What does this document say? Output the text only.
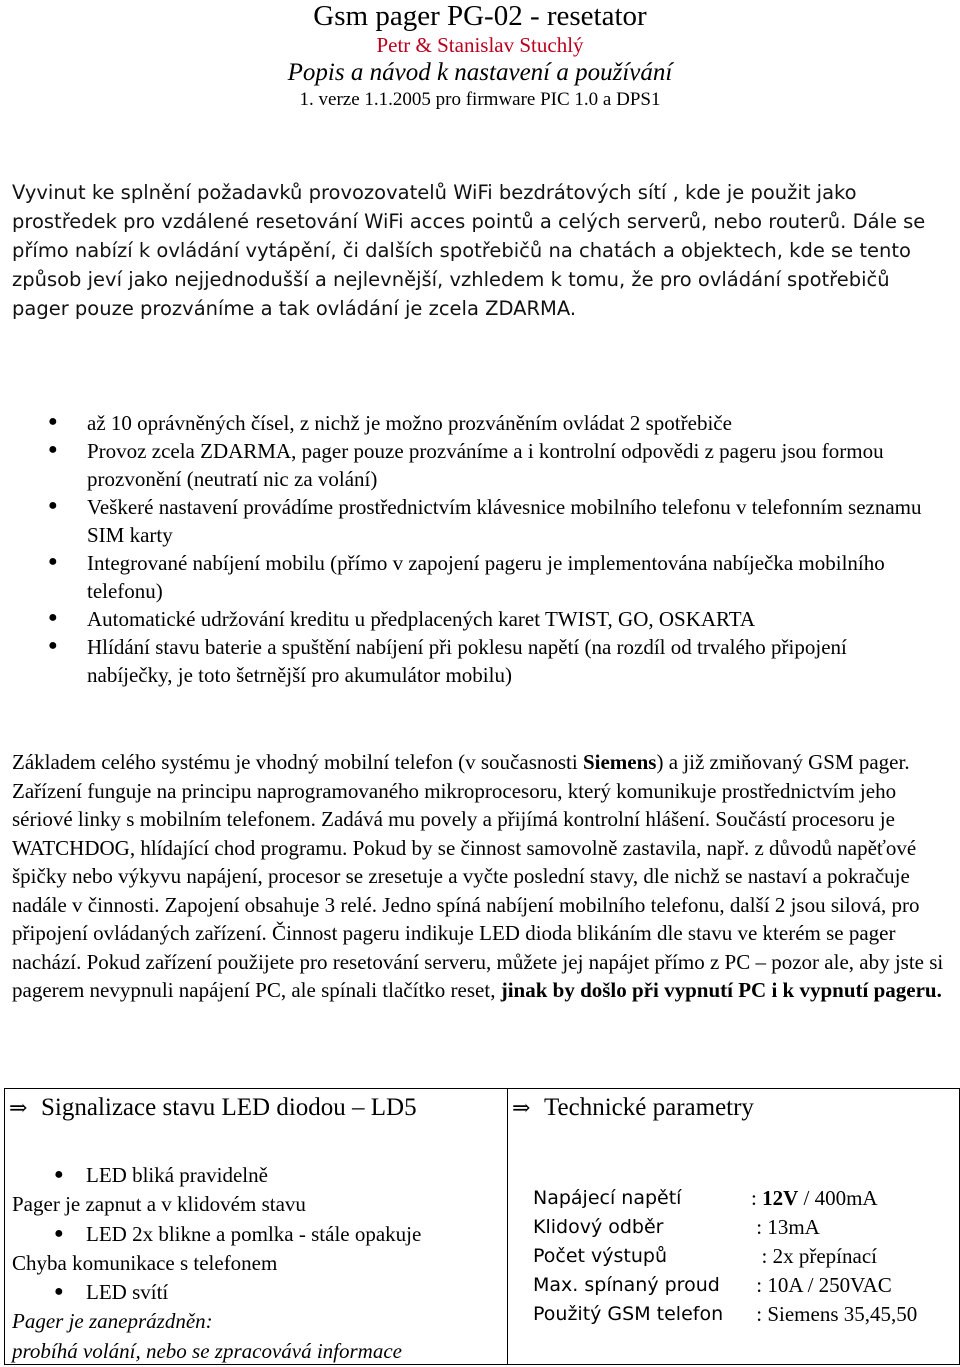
Gsm pager PG-02 - resetator
Petr & Stanislav Stuchlý
Popis a návod k nastavení a používání
1. verze 1.1.2005 pro firmware PIC 1.0 a DPS1
Vyvinut ke splnění požadavků provozovatelů WiFi bezdrátových sítí , kde je použit jako prostředek pro vzdálené resetování WiFi acces pointů a celých serverů, nebo routerů. Dále se přímo nabízí k ovládání vytápění, či dalších spotřebičů na chatách a objektech, kde se tento způsob jeví jako nejjednodušší a nejlevnější, vzhledem k tomu, že pro ovládání spotřebičů pager pouze prozváníme a tak ovládání je zcela ZDARMA.
● až 10 oprávněných čísel, z nichž je možno prozváněním ovládat 2 spotřebiče
● Provoz zcela ZDARMA, pager pouze prozváníme a i kontrolní odpovědi z pageru jsou formou prozvonění (neutratí nic za volání)
● Veškeré nastavení provádíme prostřednictvím klávesnice mobilního telefonu v telefonním seznamu SIM karty
● Integrované nabíjení mobilu (přímo v zapojení pageru je implementována nabíječka mobilního telefonu)
● Automatické udržování kreditu u předplacených karet TWIST, GO, OSKARTA
● Hlídání stavu baterie a spuštění nabíjení při poklesu napětí (na rozdíl od trvalého připojení nabíječky, je toto šetrnější pro akumulátor mobilu)
Základem celého systému je vhodný mobilní telefon (v současnosti Siemens) a již zmiňovaný GSM pager. Zařízení funguje na principu naprogramovaného mikroprocesoru, který komunikuje prostřednictvím jeho sériové linky s mobilním telefonem. Zadává mu povely a přijímá kontrolní hlášení. Součástí procesoru je WATCHDOG, hlídající chod programu. Pokud by se činnost samovolně zastavila, např. z důvodů napěťové špičky nebo výkyvu napájení, procesor se zresetuje a vyčte poslední stavy, dle nichž se nastaví a pokračuje nadále v činnosti. Zapojení obsahuje 3 relé. Jedno spíná nabíjení mobilního telefonu, další 2 jsou silová, pro připojení ovládaných zařízení. Činnost pageru indikuje LED dioda blikáním dle stavu ve kterém se pager nachází. Pokud zařízení použijete pro resetování serveru, můžete jej napájet přímo z PC – pozor ale, aby jste si pagerem nevypnuli napájení PC, ale spínali tlačítko reset, jinak by došlo při vypnutí PC i k vypnutí pageru.
⇒ Signalizace stavu LED diodou – LD5
● LED bliká pravidelně
Pager je zapnut a v klidovém stavu
● LED 2x blikne a pomlka - stále opakuje
Chyba komunikace s telefonem
● LED svítí
Pager je zaneprázdněn:
probíhá volání, nebo se zpracovává informace
⇒ Technické parametry
Napájecí napětí	: 12V / 400mA
Klidový odběr	: 13mA
Počet výstupů	: 2x přepínací
Max. spínaný proud	: 10A / 250VAC
Použitý GSM telefon	: Siemens 35,45,50
